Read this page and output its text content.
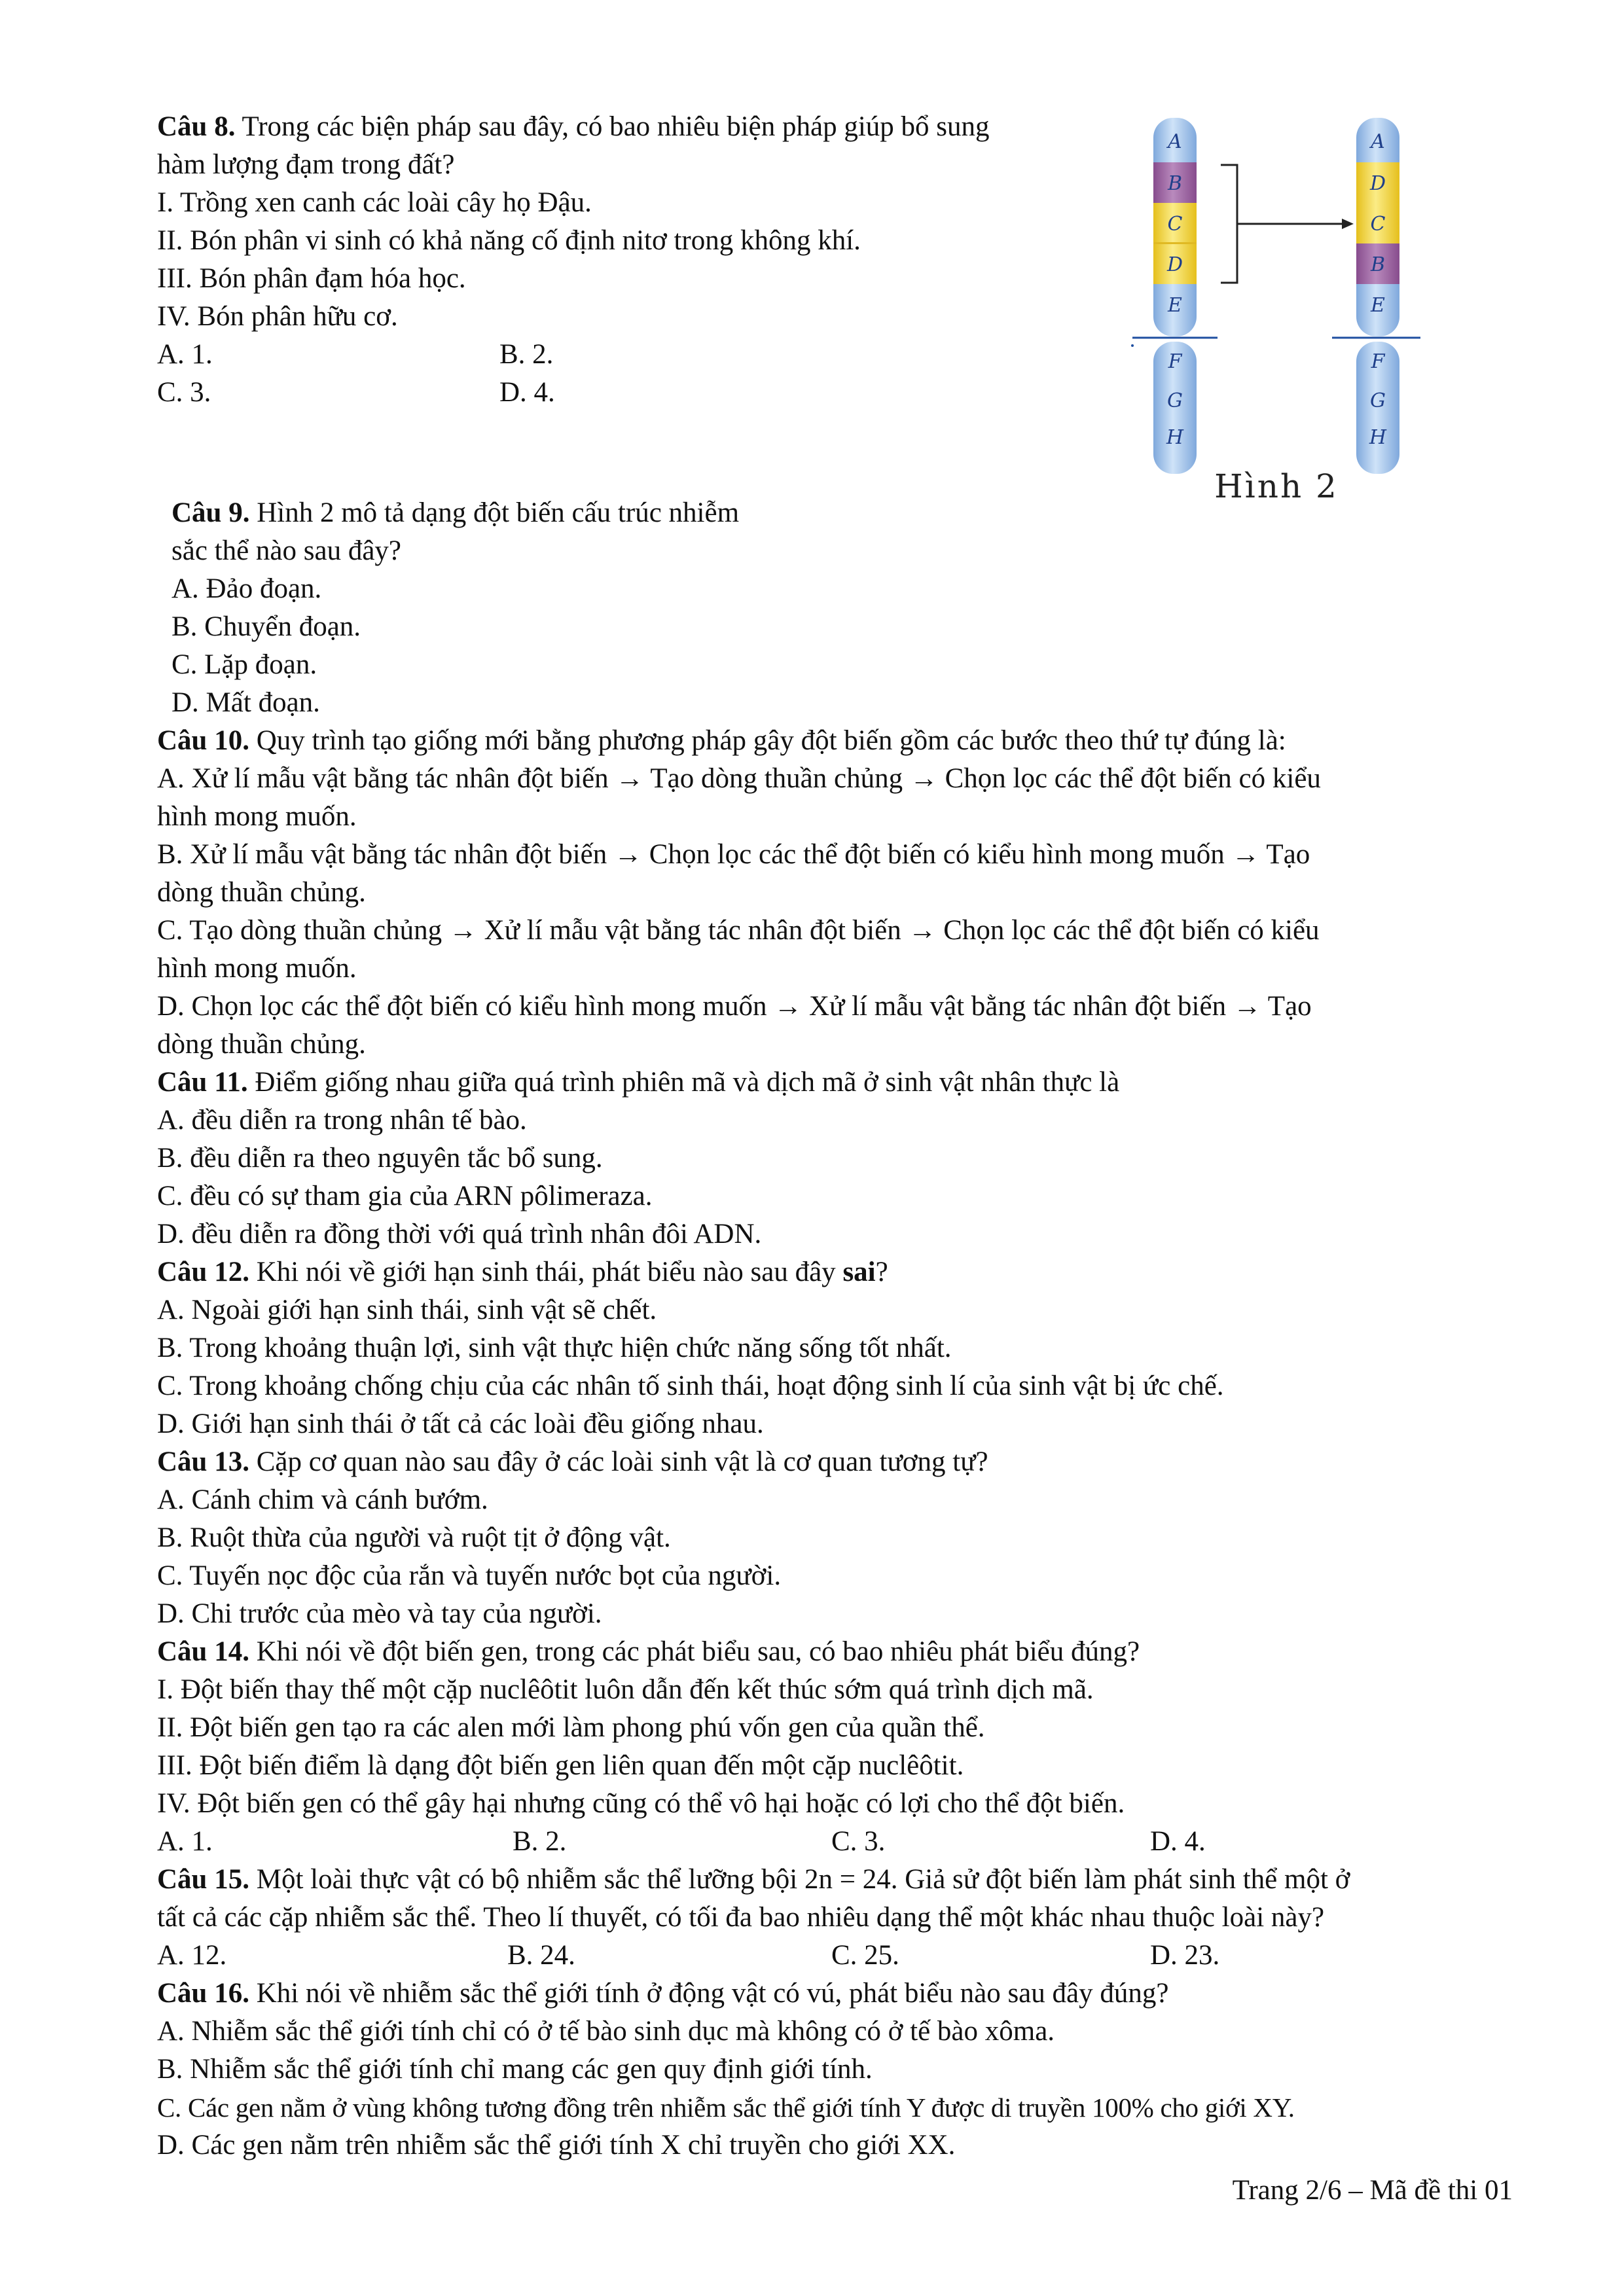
Câu 8. Trong các biện pháp sau đây, có bao nhiêu biện pháp giúp bổ sung
hàm lượng đạm trong đất?
I. Trồng xen canh các loài cây họ Đậu.
II. Bón phân vi sinh có khả năng cố định nitơ trong không khí.
III. Bón phân đạm hóa học.
IV. Bón phân hữu cơ.
A. 1.	B. 2.
C. 3.	D. 4.
A
B
C
D
E
F
G
H
A
D
C
B
E
F
G
H
Hình 2
Câu 9. Hình 2 mô tả dạng đột biến cấu trúc nhiễm
sắc thể nào sau đây?
A. Đảo đoạn.
B. Chuyển đoạn.
C. Lặp đoạn.
D. Mất đoạn.
Câu 10. Quy trình tạo giống mới bằng phương pháp gây đột biến gồm các bước theo thứ tự đúng là:
A. Xử lí mẫu vật bằng tác nhân đột biến → Tạo dòng thuần chủng → Chọn lọc các thể đột biến có kiểu
hình mong muốn.
B. Xử lí mẫu vật bằng tác nhân đột biến → Chọn lọc các thể đột biến có kiểu hình mong muốn → Tạo
dòng thuần chủng.
C. Tạo dòng thuần chủng → Xử lí mẫu vật bằng tác nhân đột biến → Chọn lọc các thể đột biến có kiểu
hình mong muốn.
D. Chọn lọc các thể đột biến có kiểu hình mong muốn → Xử lí mẫu vật bằng tác nhân đột biến → Tạo
dòng thuần chủng.
Câu 11. Điểm giống nhau giữa quá trình phiên mã và dịch mã ở sinh vật nhân thực là
A. đều diễn ra trong nhân tế bào.
B. đều diễn ra theo nguyên tắc bổ sung.
C. đều có sự tham gia của ARN pôlimeraza.
D. đều diễn ra đồng thời với quá trình nhân đôi ADN.
Câu 12. Khi nói về giới hạn sinh thái, phát biểu nào sau đây sai?
A. Ngoài giới hạn sinh thái, sinh vật sẽ chết.
B. Trong khoảng thuận lợi, sinh vật thực hiện chức năng sống tốt nhất.
C. Trong khoảng chống chịu của các nhân tố sinh thái, hoạt động sinh lí của sinh vật bị ức chế.
D. Giới hạn sinh thái ở tất cả các loài đều giống nhau.
Câu 13. Cặp cơ quan nào sau đây ở các loài sinh vật là cơ quan tương tự?
A. Cánh chim và cánh bướm.
B. Ruột thừa của người và ruột tịt ở động vật.
C. Tuyến nọc độc của rắn và tuyến nước bọt của người.
D. Chi trước của mèo và tay của người.
Câu 14. Khi nói về đột biến gen, trong các phát biểu sau, có bao nhiêu phát biểu đúng?
I. Đột biến thay thế một cặp nuclêôtit luôn dẫn đến kết thúc sớm quá trình dịch mã.
II. Đột biến gen tạo ra các alen mới làm phong phú vốn gen của quần thể.
III. Đột biến điểm là dạng đột biến gen liên quan đến một cặp nuclêôtit.
IV. Đột biến gen có thể gây hại nhưng cũng có thể vô hại hoặc có lợi cho thể đột biến.
A. 1.	B. 2.	C. 3.	D. 4.
Câu 15. Một loài thực vật có bộ nhiễm sắc thể lưỡng bội 2n = 24. Giả sử đột biến làm phát sinh thể một ở
tất cả các cặp nhiễm sắc thể. Theo lí thuyết, có tối đa bao nhiêu dạng thể một khác nhau thuộc loài này?
A. 12.	B. 24.	C. 25.	D. 23.
Câu 16. Khi nói về nhiễm sắc thể giới tính ở động vật có vú, phát biểu nào sau đây đúng?
A. Nhiễm sắc thể giới tính chỉ có ở tế bào sinh dục mà không có ở tế bào xôma.
B. Nhiễm sắc thể giới tính chỉ mang các gen quy định giới tính.
C. Các gen nằm ở vùng không tương đồng trên nhiễm sắc thể giới tính Y được di truyền 100% cho giới XY.
D. Các gen nằm trên nhiễm sắc thể giới tính X chỉ truyền cho giới XX.
Trang 2/6 – Mã đề thi 01
